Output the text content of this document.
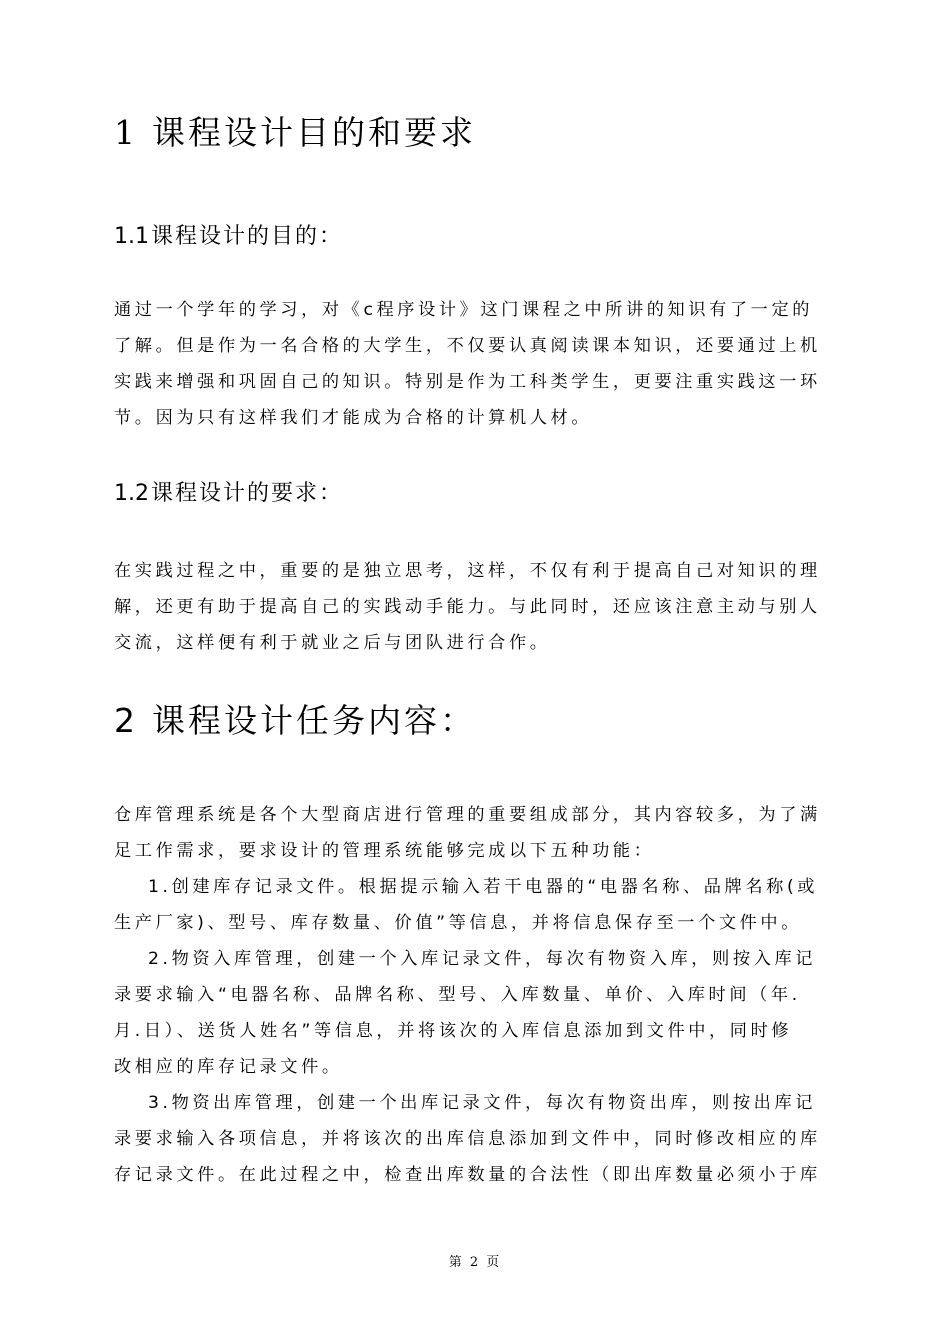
1 课程设计目的和要求
1.1课程设计的目的：
通过一个学年的学习，对《c程序设计》这门课程之中所讲的知识有了一定的
了解。但是作为一名合格的大学生，不仅要认真阅读课本知识，还要通过上机
实践来增强和巩固自己的知识。特别是作为工科类学生，更要注重实践这一环
节。因为只有这样我们才能成为合格的计算机人材。
1.2课程设计的要求：
在实践过程之中，重要的是独立思考，这样，不仅有利于提高自己对知识的理
解，还更有助于提高自己的实践动手能力。与此同时，还应该注意主动与别人
交流，这样便有利于就业之后与团队进行合作。
2 课程设计任务内容：
仓库管理系统是各个大型商店进行管理的重要组成部分，其内容较多，为了满
足工作需求，要求设计的管理系统能够完成以下五种功能：
1.创建库存记录文件。根据提示输入若干电器的“电器名称、品牌名称(或
生产厂家)、型号、库存数量、价值”等信息，并将信息保存至一个文件中。
2.物资入库管理，创建一个入库记录文件，每次有物资入库，则按入库记
录要求输入“电器名称、品牌名称、型号、入库数量、单价、入库时间（年.
月.日）、送货人姓名”等信息，并将该次的入库信息添加到文件中，同时修
改相应的库存记录文件。
3.物资出库管理，创建一个出库记录文件，每次有物资出库，则按出库记
录要求输入各项信息，并将该次的出库信息添加到文件中，同时修改相应的库
存记录文件。在此过程之中，检查出库数量的合法性（即出库数量必须小于库
第 2 页
